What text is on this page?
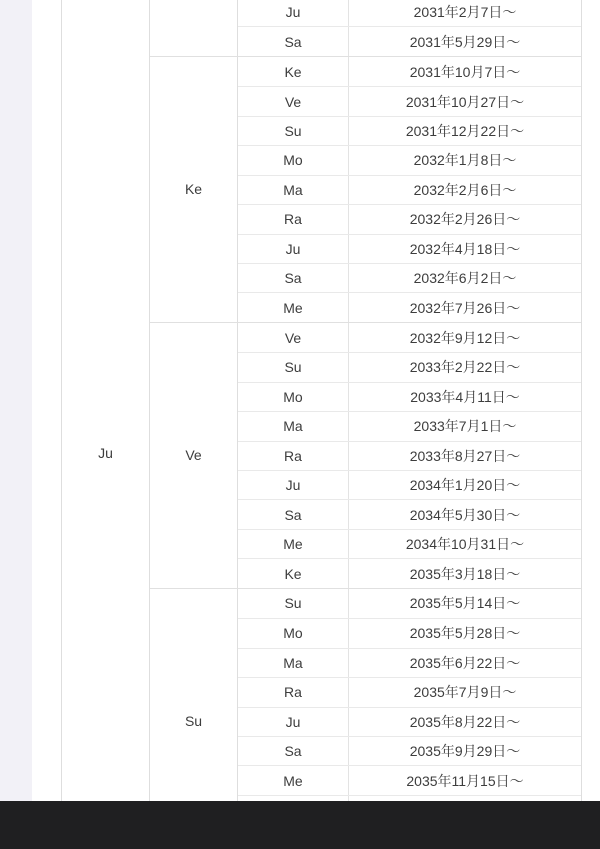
Ju
Ju	2031年2月7日〜
Sa	2031年5月29日〜
Ke
Ke	2031年10月7日〜
Ve	2031年10月27日〜
Su	2031年12月22日〜
Mo	2032年1月8日〜
Ma	2032年2月6日〜
Ra	2032年2月26日〜
Ju	2032年4月18日〜
Sa	2032年6月2日〜
Me	2032年7月26日〜
Ve
Ve	2032年9月12日〜
Su	2033年2月22日〜
Mo	2033年4月11日〜
Ma	2033年7月1日〜
Ra	2033年8月27日〜
Ju	2034年1月20日〜
Sa	2034年5月30日〜
Me	2034年10月31日〜
Ke	2035年3月18日〜
Su
Su	2035年5月14日〜
Mo	2035年5月28日〜
Ma	2035年6月22日〜
Ra	2035年7月9日〜
Ju	2035年8月22日〜
Sa	2035年9月29日〜
Me	2035年11月15日〜
